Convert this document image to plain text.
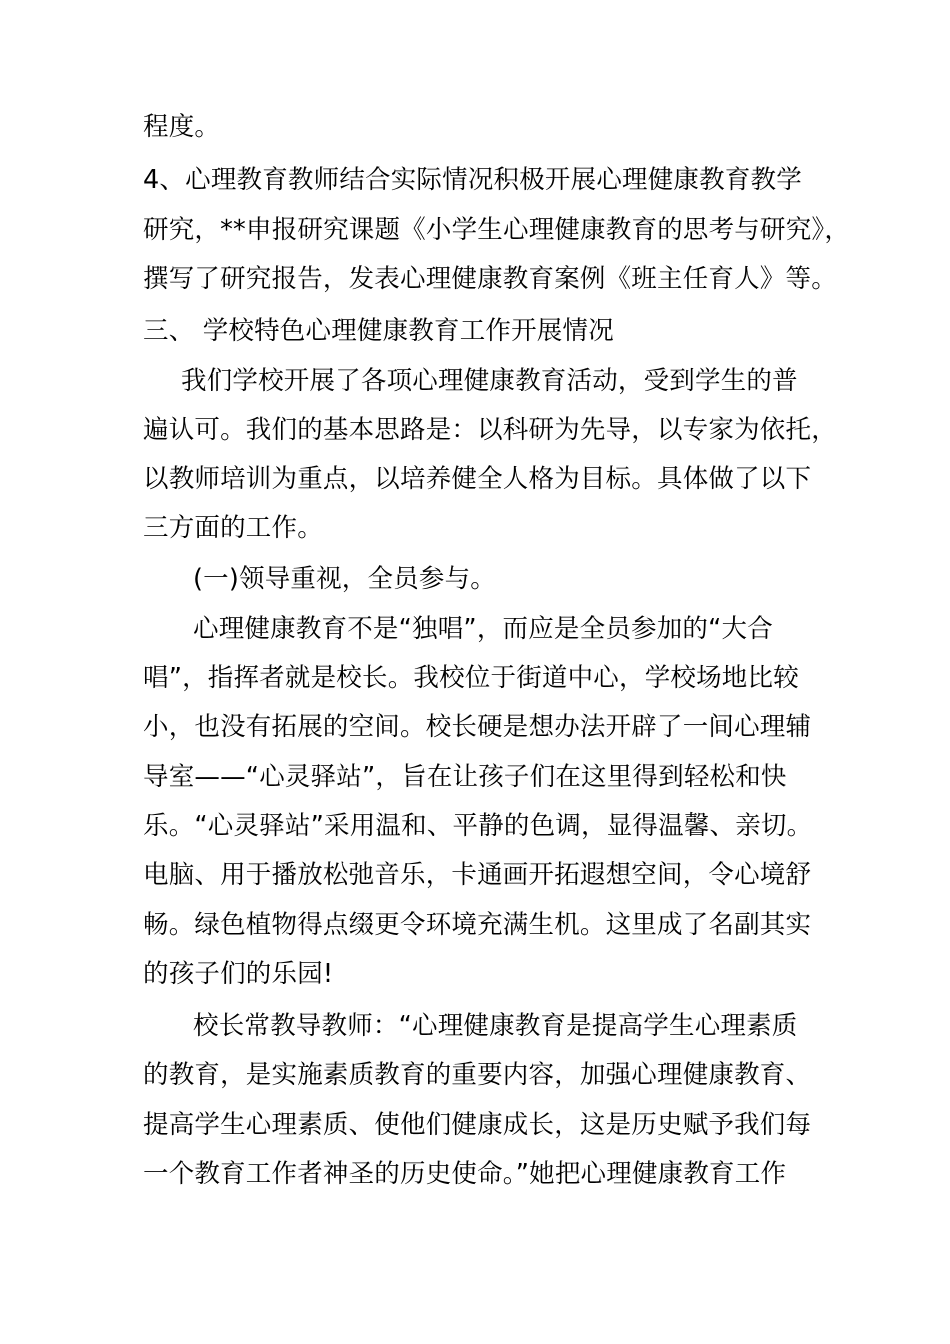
程度。
4、心理教育教师结合实际情况积极开展心理健康教育教学
研究，**申报研究课题《小学生心理健康教育的思考与研究》，
撰写了研究报告，发表心理健康教育案例《班主任育人》等。
三、 学校特色心理健康教育工作开展情况
我们学校开展了各项心理健康教育活动，受到学生的普
遍认可。我们的基本思路是：以科研为先导，以专家为依托，
以教师培训为重点，以培养健全人格为目标。具体做了以下
三方面的工作。
(一)领导重视，全员参与。
心理健康教育不是“独唱”，而应是全员参加的“大合
唱”，指挥者就是校长。我校位于街道中心，学校场地比较
小，也没有拓展的空间。校长硬是想办法开辟了一间心理辅
导室——“心灵驿站”，旨在让孩子们在这里得到轻松和快
乐。“心灵驿站”采用温和、平静的色调，显得温馨、亲切。
电脑、用于播放松弛音乐，卡通画开拓遐想空间，令心境舒
畅。绿色植物得点缀更令环境充满生机。这里成了名副其实
的孩子们的乐园!
校长常教导教师：“心理健康教育是提高学生心理素质
的教育，是实施素质教育的重要内容，加强心理健康教育、
提高学生心理素质、使他们健康成长，这是历史赋予我们每
一个教育工作者神圣的历史使命。”她把心理健康教育工作
